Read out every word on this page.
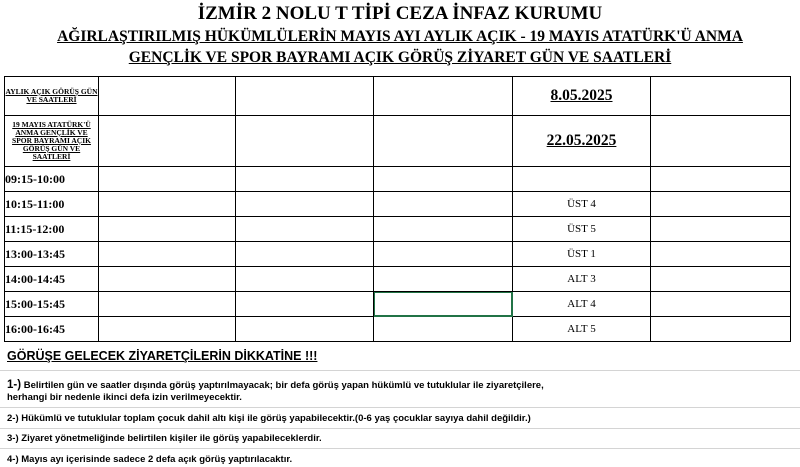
İZMİR 2 NOLU T TİPİ CEZA İNFAZ KURUMU
AĞIRLAŞTIRILMIŞ HÜKÜMLÜLERİN MAYIS AYI AYLIK AÇIK - 19 MAYIS ATATÜRK'Ü ANMA
GENÇLİK VE SPOR BAYRAMI AÇIK GÖRÜŞ ZİYARET GÜN VE SAATLERİ
AYLIK AÇIK GÖRÜŞ GÜN VE SAATLERİ				8.05.2025	
19 MAYIS ATATÜRK'Ü ANMA GENÇLİK VE SPOR BAYRAMI AÇIK GÖRÜŞ GÜN VE SAATLERİ				22.05.2025	
09:15-10:00					
10:15-11:00				ÜST 4	
11:15-12:00				ÜST 5	
13:00-13:45				ÜST 1	
14:00-14:45				ALT 3	
15:00-15:45				ALT 4	
16:00-16:45				ALT 5	
GÖRÜŞE GELECEK ZİYARETÇİLERİN DİKKATİNE !!!
1-) Belirtilen gün ve saatler dışında görüş yaptırılmayacak; bir defa görüş yapan hükümlü ve tutuklular ile ziyaretçilere,
herhangi bir nedenle ikinci defa izin verilmeyecektir.
2-) Hükümlü ve tutuklular toplam çocuk dahil altı kişi ile görüş yapabilecektir.(0-6 yaş çocuklar sayıya dahil değildir.)
3-) Ziyaret yönetmeliğinde belirtilen kişiler ile görüş yapabileceklerdir.
4-) Mayıs ayı içerisinde sadece 2 defa açık görüş yaptırılacaktır.
